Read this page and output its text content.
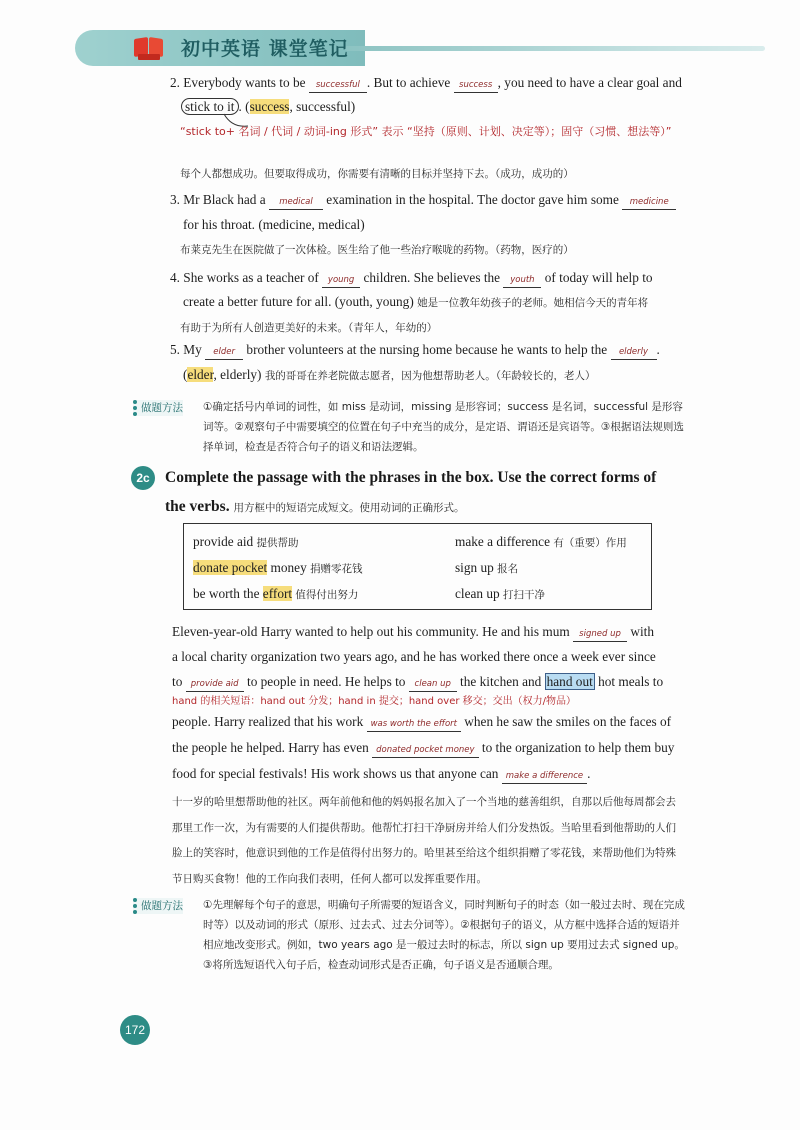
初中英语 课堂笔记
2. Everybody wants to be successful . But to achieve success , you need to have a clear goal and
stick to it . (success, successful)
“stick to+ 名词 / 代词 / 动词-ing 形式” 表示 “坚持（原则、计划、决定等）；固守（习惯、想法等）”
每个人都想成功。但要取得成功，你需要有清晰的目标并坚持下去。（成功，成功的）
3. Mr Black had a medical examination in the hospital. The doctor gave him some medicine
for his throat. (medicine, medical)
布莱克先生在医院做了一次体检。医生给了他一些治疗喉咙的药物。（药物，医疗的）
4. She works as a teacher of young children. She believes the youth of today will help to
create a better future for all. (youth, young) 她是一位教年幼孩子的老师。她相信今天的青年将
有助于为所有人创造更美好的未来。（青年人，年幼的）
5. My elder brother volunteers at the nursing home because he wants to help the elderly .
(elder, elderly) 我的哥哥在养老院做志愿者，因为他想帮助老人。（年龄较长的，老人）
做题方法 ①确定括号内单词的词性，如 miss 是动词，missing 是形容词；success 是名词，successful 是形容词等。②观察句子中需要填空的位置在句子中充当的成分，是定语、谓语还是宾语等。③根据语法规则选择单词，检查是否符合句子的语义和语法逻辑。
2c Complete the passage with the phrases in the box. Use the correct forms of
the verbs. 用方框中的短语完成短文。使用动词的正确形式。
provide aid 提供帮助	make a difference 有（重要）作用
donate pocket money 捐赠零花钱	sign up 报名
be worth the effort 值得付出努力	clean up 打扫干净
Eleven-year-old Harry wanted to help out his community. He and his mum signed up with
a local charity organization two years ago, and he has worked there once a week ever since
to provide aid to people in need. He helps to clean up the kitchen and hand out hot meals to
hand 的相关短语：hand out 分发；hand in 提交；hand over 移交；交出（权力/物品）
people. Harry realized that his work was worth the effort when he saw the smiles on the faces of
the people he helped. Harry has even donated pocket money to the organization to help them buy
food for special festivals! His work shows us that anyone can make a difference .
十一岁的哈里想帮助他的社区。两年前他和他的妈妈报名加入了一个当地的慈善组织，自那以后他每周都会去那里工作一次，为有需要的人们提供帮助。他帮忙打扫干净厨房并给人们分发热饭。当哈里看到他帮助的人们脸上的笑容时，他意识到他的工作是值得付出努力的。哈里甚至给这个组织捐赠了零花钱，来帮助他们为特殊节日购买食物！他的工作向我们表明，任何人都可以发挥重要作用。
做题方法 ①先理解每个句子的意思，明确句子所需要的短语含义，同时判断句子的时态（如一般过去时、现在完成时等）以及动词的形式（原形、过去式、过去分词等）。②根据句子的语义，从方框中选择合适的短语并相应地改变形式。例如，two years ago 是一般过去时的标志，所以 sign up 要用过去式 signed up。③将所选短语代入句子后，检查动词形式是否正确，句子语义是否通顺合理。
172
